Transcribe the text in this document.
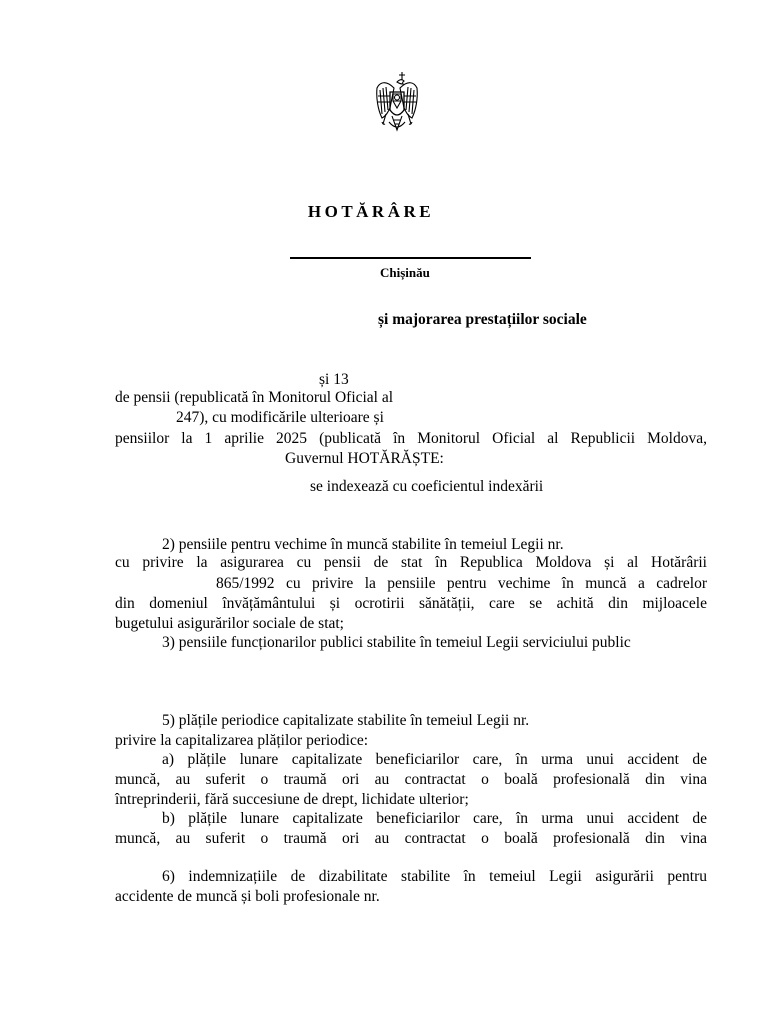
HOTĂRÂRE
Chișinău
și majorarea prestațiilor sociale
și 13
de pensii (republicată în Monitorul Oficial al
247), cu modificările ulterioare și
pensiilor la 1 aprilie 2025 (publicată în Monitorul Oficial al Republicii Moldova,
Guvernul HOTĂRĂȘTE:
se indexează cu coeficientul indexării
2) pensiile pentru vechime în muncă stabilite în temeiul Legii nr.
cu privire la asigurarea cu pensii de stat în Republica Moldova și al Hotărârii
865/1992 cu privire la pensiile pentru vechime în muncă a cadrelor
din domeniul învățământului și ocrotirii sănătății, care se achită din mijloacele
bugetului asigurărilor sociale de stat;
3) pensiile funcționarilor publici stabilite în temeiul Legii serviciului public
5) plățile periodice capitalizate stabilite în temeiul Legii nr.
privire la capitalizarea plăților periodice:
a) plățile lunare capitalizate beneficiarilor care, în urma unui accident de
muncă, au suferit o traumă ori au contractat o boală profesională din vina
întreprinderii, fără succesiune de drept, lichidate ulterior;
b) plățile lunare capitalizate beneficiarilor care, în urma unui accident de
muncă, au suferit o traumă ori au contractat o boală profesională din vina
6) indemnizațiile de dizabilitate stabilite în temeiul Legii asigurării pentru
accidente de muncă și boli profesionale nr.
